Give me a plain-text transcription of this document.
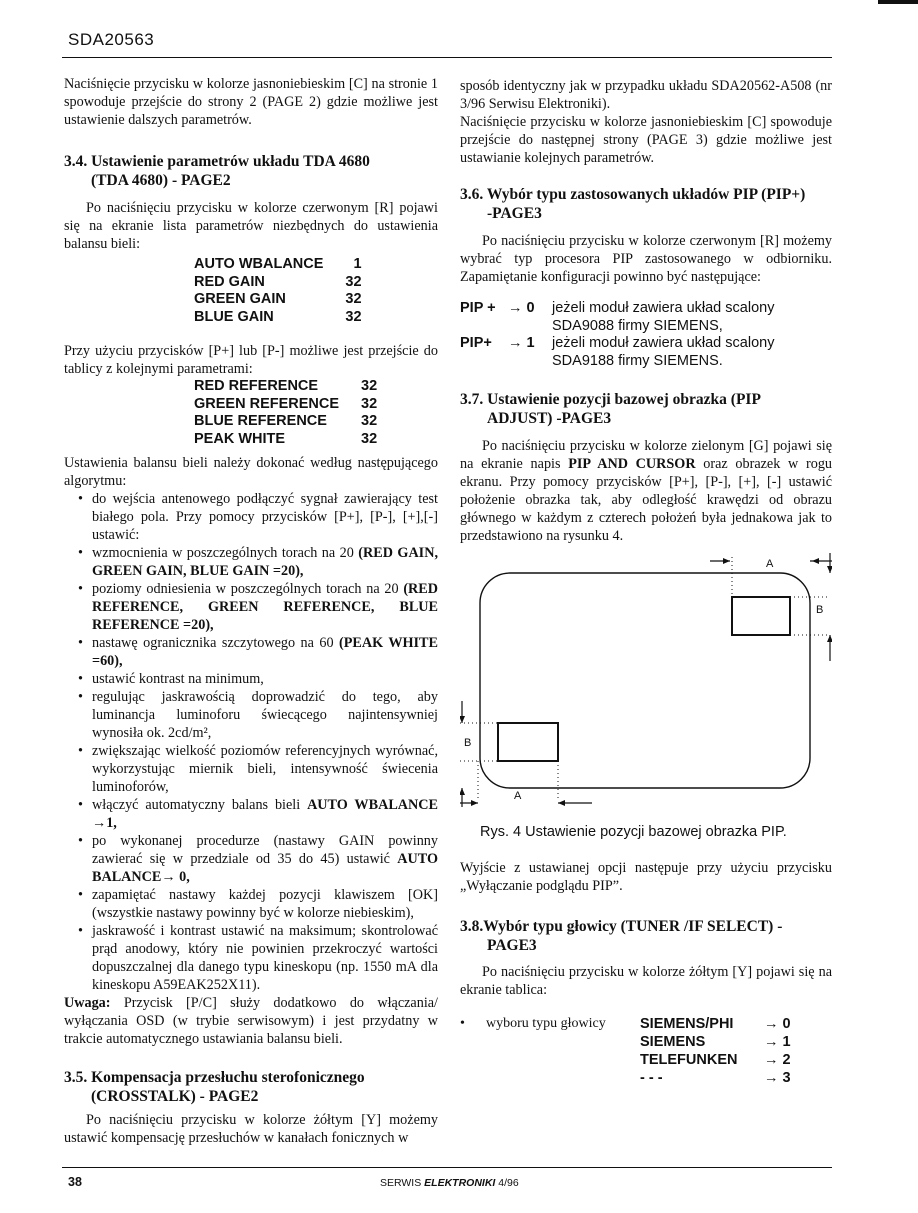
SDA20563

Naciśnięcie przycisku w kolorze jasnoniebieskim [C] na stronie 1 spowoduje przejście do strony 2 (PAGE 2) gdzie możliwe jest ustawienie dalszych parametrów.

3.4. Ustawienie parametrów układu TDA 4680
(TDA 4680) - PAGE2

Po naciśnięciu przycisku w kolorze czerwonym [R] pojawi się na ekranie lista parametrów niezbędnych do ustawienia balansu bieli:

AUTO WBALANCE	1
RED GAIN	32
GREEN GAIN	32
BLUE GAIN	32

Przy użyciu przycisków [P+] lub [P-] możliwe jest przejście do tablicy z kolejnymi parametrami:

RED REFERENCE	32
GREEN REFERENCE	32
BLUE REFERENCE	32
PEAK WHITE	32

Ustawienia balansu bieli należy dokonać według następującego algorytmu:

• do wejścia antenowego podłączyć sygnał zawierający test białego pola. Przy pomocy przycisków [P+], [P-], [+],[-] ustawić:
• wzmocnienia w poszczególnych torach na 20 (RED GAIN, GREEN GAIN, BLUE GAIN =20),
• poziomy odniesienia w poszczególnych torach na 20 (RED REFERENCE, GREEN REFERENCE, BLUE REFERENCE =20),
• nastawę ogranicznika szczytowego na 60 (PEAK WHITE =60),
• ustawić kontrast na minimum,
• regulując jaskrawością doprowadzić do tego, aby luminancja luminoforu świecącego najintensywniej wynosiła ok. 2cd/m²,
• zwiększając wielkość poziomów referencyjnych wyrównać, wykorzystując miernik bieli, intensywność świecenia luminoforów,
• włączyć automatyczny balans bieli AUTO WBALANCE →1,
• po wykonanej procedurze (nastawy GAIN powinny zawierać się w przedziale od 35 do 45) ustawić AUTO BALANCE→ 0,
• zapamiętać nastawy każdej pozycji klawiszem [OK] (wszystkie nastawy powinny być w kolorze niebieskim),
• jaskrawość i kontrast ustawić na maksimum; skontrolować prąd anodowy, który nie powinien przekroczyć wartości dopuszczalnej dla danego typu kineskopu (np. 1550 mA dla kineskopu A59EAK252X11).

Uwaga: Przycisk [P/C] służy dodatkowo do włączania/ wyłączania OSD (w trybie serwisowym) i jest przydatny w trakcie automatycznego ustawiania balansu bieli.

3.5. Kompensacja przesłuchu sterofonicznego
(CROSSTALK) - PAGE2

Po naciśnięciu przycisku w kolorze żółtym [Y] możemy ustawić kompensację przesłuchów w kanałach fonicznych w

sposób identyczny jak w przypadku układu SDA20562-A508 (nr 3/96 Serwisu Elektroniki).

Naciśnięcie przycisku w kolorze jasnoniebieskim [C] spowoduje przejście do następnej strony (PAGE 3) gdzie możliwe jest ustawianie kolejnych parametrów.

3.6. Wybór typu zastosowanych układów PIP (PIP+)
-PAGE3

Po naciśnięciu przycisku w kolorze czerwonym [R] możemy wybrać typ procesora PIP zastosowanego w odbiorniku. Zapamiętanie konfiguracji powinno być następujące:

PIP + → 0	jeżeli moduł zawiera układ scalony
SDA9088 firmy SIEMENS,
PIP+	→ 1	jeżeli moduł zawiera układ scalony
SDA9188 firmy SIEMENS.
3.7. Ustawienie pozycji bazowej obrazka (PIP
ADJUST) -PAGE3

Po naciśnięciu przycisku w kolorze zielonym [G] pojawi się na ekranie napis PIP AND CURSOR oraz obrazek w rogu ekranu. Przy pomocy przycisków [P+], [P-], [+], [-] ustawić położenie obrazka tak, aby odległość krawędzi od obrazu głównego w każdym z czterech położeń była jednakowa jak to przedstawiono na rysunku 4.

A
B
B
A
Rys. 4 Ustawienie pozycji bazowej obrazka PIP.

Wyjście z ustawianej opcji następuje przy użyciu przycisku „Wyłączanie podglądu PIP”.

3.8.Wybór typu głowicy (TUNER /IF SELECT) -
PAGE3

Po naciśnięciu przycisku w kolorze żółtym [Y] pojawi się na ekranie tablica:

• wyboru typu głowicy	SIEMENS/PHI	→ 0
SIEMENS	→ 1
TELEFUNKEN	→ 2
- - -	→ 3
38	SERWIS ELEKTRONIKI 4/96
